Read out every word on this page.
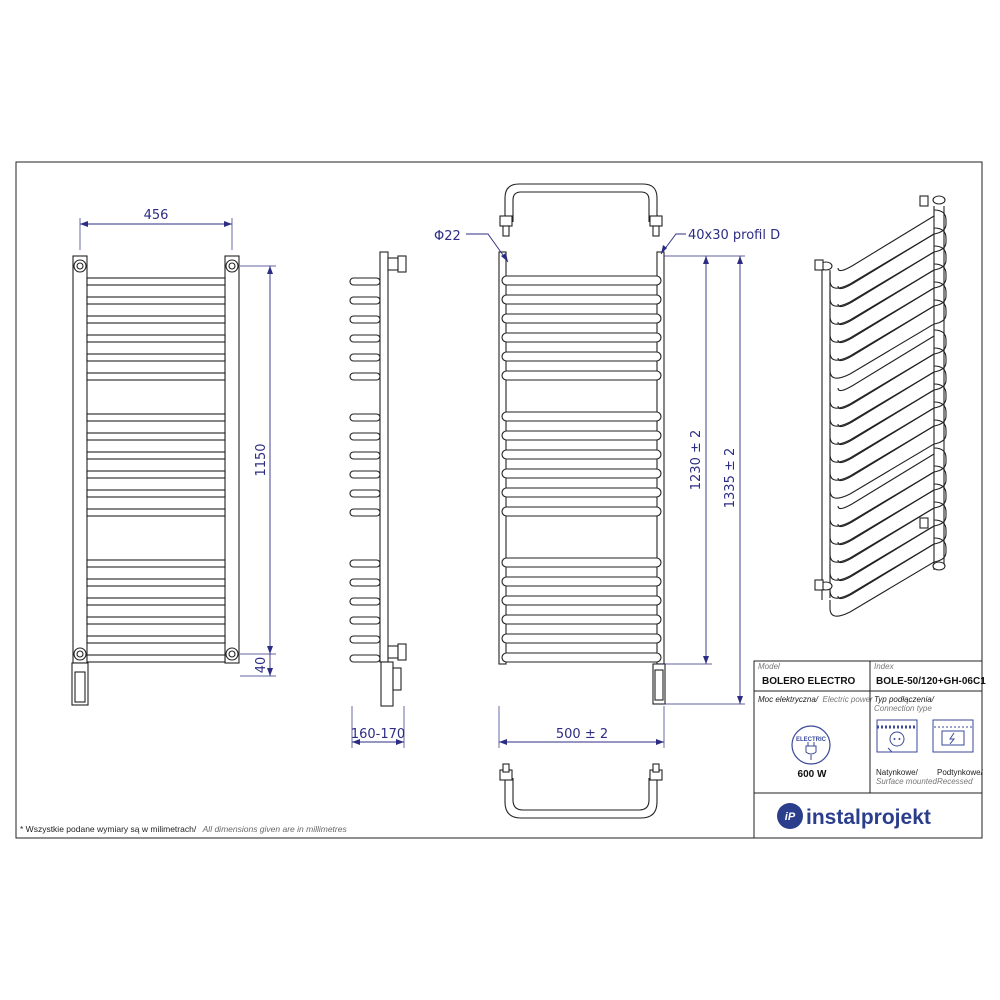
456
1150
40
160-170
Φ22	40x30 profil D
1230 ± 2 1335 ± 2
500 ± 2
* Wszystkie podane wymiary są w milimetrach/ All dimensions given are in millimetres
Model
BOLERO ELECTRO
Index
BOLE-50/120+GH-06C1
Moc elektryczna/ Electric power
ELECTRIC
600 W
Typ podłączenia/
Connection type
Natynkowe/
Surface mounted
Podtynkowe/
Recessed
iP instalprojekt
